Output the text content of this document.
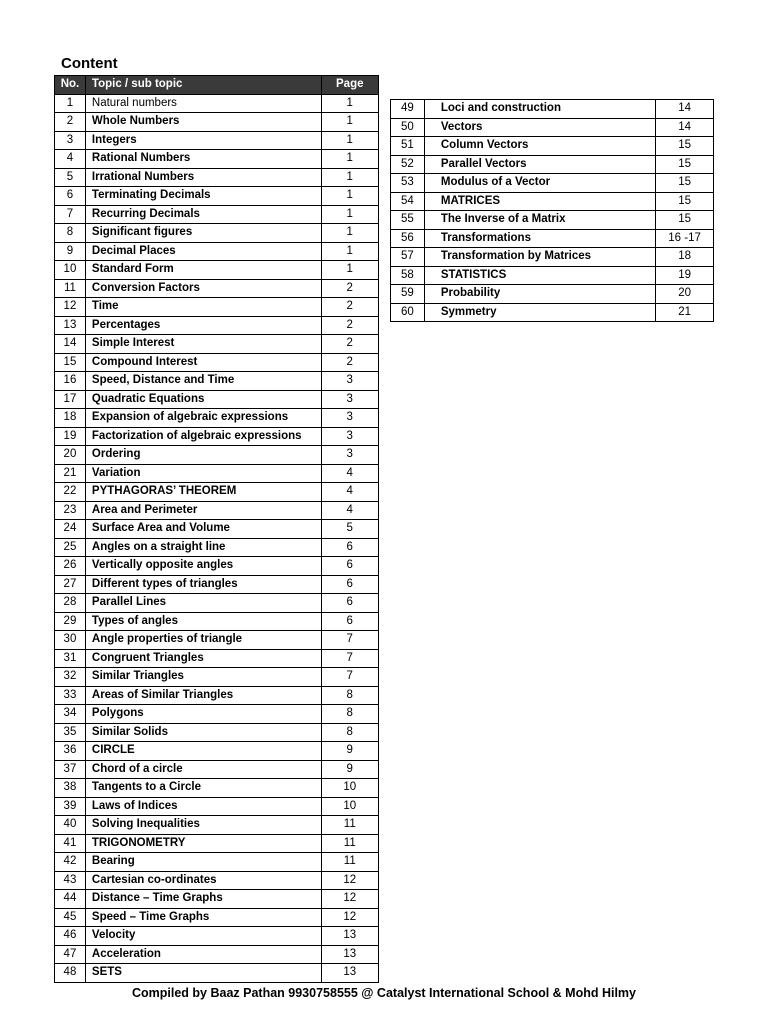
Content
No.	Topic / sub topic	Page
1	Natural numbers	1
2	Whole Numbers	1
3	Integers	1
4	Rational Numbers	1
5	Irrational Numbers	1
6	Terminating Decimals	1
7	Recurring Decimals	1
8	Significant figures	1
9	Decimal Places	1
10	Standard Form	1
11	Conversion Factors	2
12	Time	2
13	Percentages	2
14	Simple Interest	2
15	Compound Interest	2
16	Speed, Distance and Time	3
17	Quadratic Equations	3
18	Expansion of algebraic expressions	3
19	Factorization of algebraic expressions	3
20	Ordering	3
21	Variation	4
22	PYTHAGORAS’ THEOREM	4
23	Area and Perimeter	4
24	Surface Area and Volume	5
25	Angles on a straight line	6
26	Vertically opposite angles	6
27	Different types of triangles	6
28	Parallel Lines	6
29	Types of angles	6
30	Angle properties of triangle	7
31	Congruent Triangles	7
32	Similar Triangles	7
33	Areas of Similar Triangles	8
34	Polygons	8
35	Similar Solids	8
36	CIRCLE	9
37	Chord of a circle	9
38	Tangents to a Circle	10
39	Laws of Indices	10
40	Solving Inequalities	11
41	TRIGONOMETRY	11
42	Bearing	11
43	Cartesian co-ordinates	12
44	Distance – Time Graphs	12
45	Speed – Time Graphs	12
46	Velocity	13
47	Acceleration	13
48	SETS	13
49	Loci and construction	14
50	Vectors	14
51	Column Vectors	15
52	Parallel Vectors	15
53	Modulus of a Vector	15
54	MATRICES	15
55	The Inverse of a Matrix	15
56	Transformations	16 -17
57	Transformation by Matrices	18
58	STATISTICS	19
59	Probability	20
60	Symmetry	21
Compiled by Baaz Pathan 9930758555 @ Catalyst International School & Mohd Hilmy
